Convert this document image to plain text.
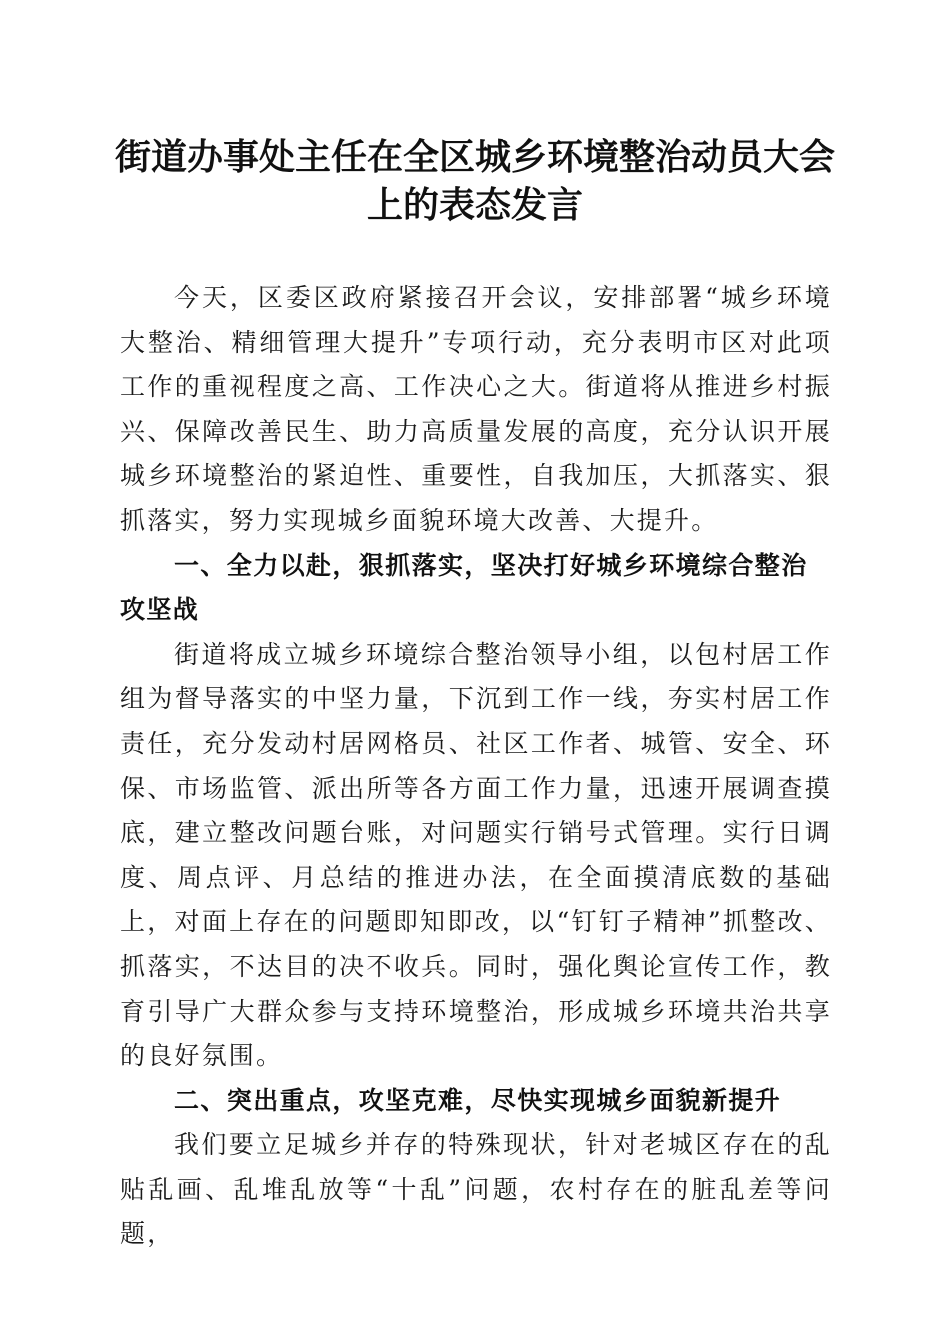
街道办事处主任在全区城乡环境整治动员大会上的表态发言

今天，区委区政府紧接召开会议，安排部署“城乡环境大整治、精细管理大提升”专项行动，充分表明市区对此项工作的重视程度之高、工作决心之大。街道将从推进乡村振兴、保障改善民生、助力高质量发展的高度，充分认识开展城乡环境整治的紧迫性、重要性，自我加压，大抓落实、狠抓落实，努力实现城乡面貌环境大改善、大提升。

一、全力以赴，狠抓落实，坚决打好城乡环境综合整治攻坚战

街道将成立城乡环境综合整治领导小组，以包村居工作组为督导落实的中坚力量，下沉到工作一线，夯实村居工作责任，充分发动村居网格员、社区工作者、城管、安全、环保、市场监管、派出所等各方面工作力量，迅速开展调查摸底，建立整改问题台账，对问题实行销号式管理。实行日调度、周点评、月总结的推进办法，在全面摸清底数的基础上，对面上存在的问题即知即改，以“钉钉子精神”抓整改、抓落实，不达目的决不收兵。同时，强化舆论宣传工作，教育引导广大群众参与支持环境整治，形成城乡环境共治共享的良好氛围。

二、突出重点，攻坚克难，尽快实现城乡面貌新提升

我们要立足城乡并存的特殊现状，针对老城区存在的乱贴乱画、乱堆乱放等“十乱”问题，农村存在的脏乱差等问题，
